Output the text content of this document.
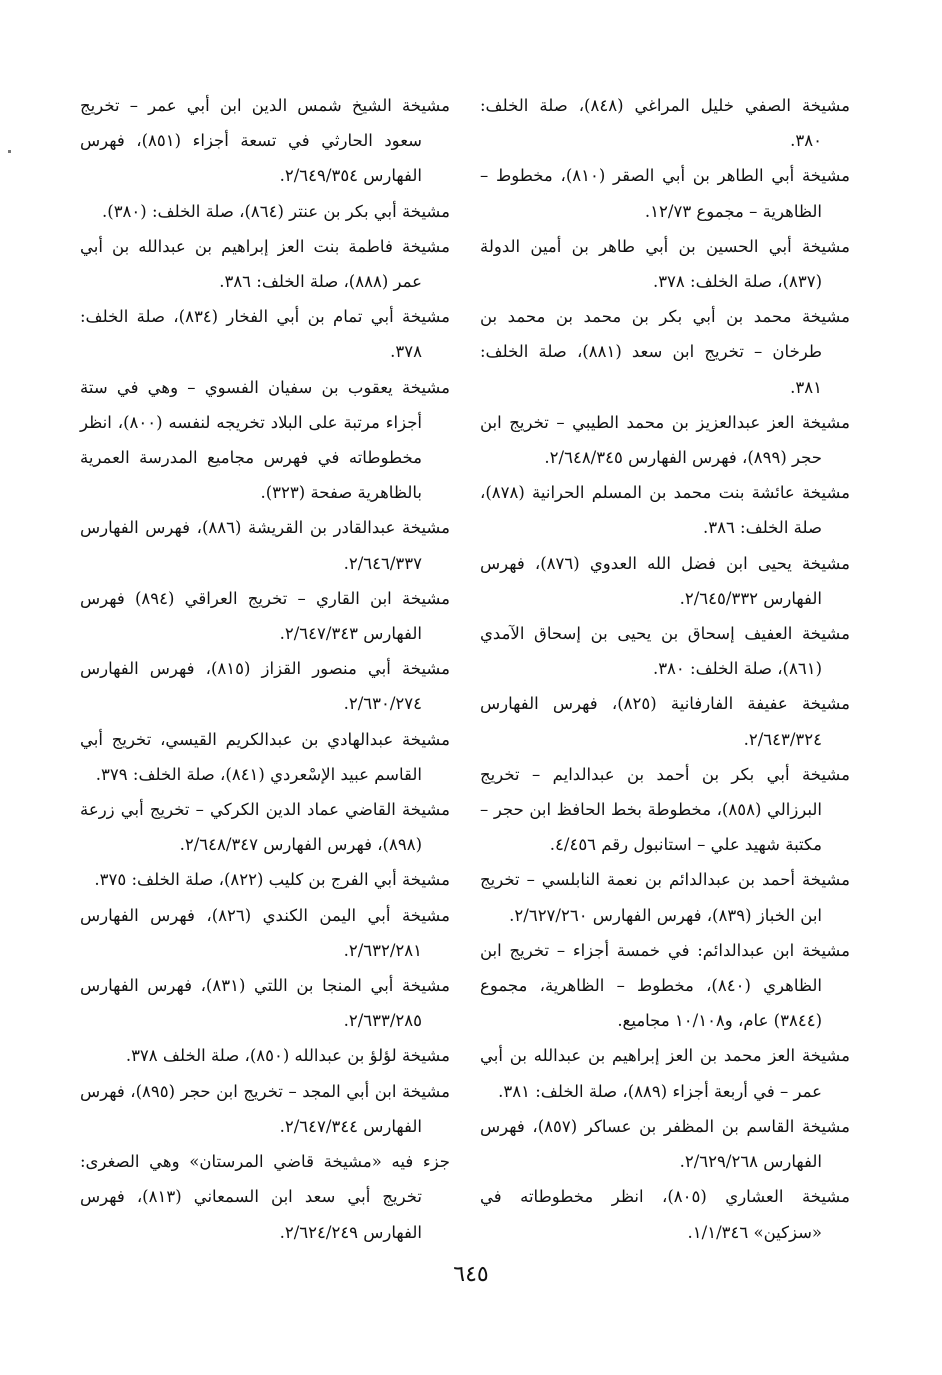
مشيخة الصفي خليل المراغي (٨٤٨)، صلة الخلف: ٣٨٠.

مشيخة أبي الطاهر بن أبي الصقر (٨١٠)، مخطوط – الظاهرية – مجموع ١٢/٧٣.

مشيخة أبي الحسين بن أبي طاهر بن أمين الدولة (٨٣٧)، صلة الخلف: ٣٧٨.

مشيخة محمد بن أبي بكر بن محمد بن محمد بن طرخان – تخريج ابن سعد (٨٨١)، صلة الخلف: ٣٨١.

مشيخة العز عبدالعزيز بن محمد الطيبي – تخريج ابن حجر (٨٩٩)، فهرس الفهارس ٢/٦٤٨/٣٤٥.

مشيخة عائشة بنت محمد بن المسلم الحرانية (٨٧٨)، صلة الخلف: ٣٨٦.

مشيخة يحيى ابن فضل الله العدوي (٨٧٦)، فهرس الفهارس ٢/٦٤٥/٣٣٢.

مشيخة العفيف إسحاق بن يحيى بن إسحاق الآمدي (٨٦١)، صلة الخلف: ٣٨٠.

مشيخة عفيفة الفارفانية (٨٢٥)، فهرس الفهارس ٢/٦٤٣/٣٢٤.

مشيخة أبي بكر بن أحمد بن عبدالدايم – تخريج البرزالي (٨٥٨)، مخطوطة بخط الحافظ ابن حجر – مكتبة شهيد علي – استانبول رقم ٤/٤٥٦.

مشيخة أحمد بن عبدالدائم بن نعمة النابلسي – تخريج ابن الخباز (٨٣٩)، فهرس الفهارس ٢/٦٢٧/٢٦٠.

مشيخة ابن عبدالدائم: في خمسة أجزاء – تخريج ابن الظاهري (٨٤٠)، مخطوط – الظاهرية، مجموع (٣٨٤٤) عام، و١٠/١٠٨ مجاميع.

مشيخة العز محمد بن العز إبراهيم بن عبدالله بن أبي عمر – في أربعة أجزاء (٨٨٩)، صلة الخلف: ٣٨١.

مشيخة القاسم بن المظفر بن عساكر (٨٥٧)، فهرس الفهارس ٢/٦٢٩/٢٦٨.

مشيخة العشاري (٨٠٥)، انظر مخطوطاته في «سزكين» ١/١/٣٤٦.

مشيخة الشيخ شمس الدين ابن أبي عمر – تخريج سعود الحارثي في تسعة أجزاء (٨٥١)، فهرس الفهارس ٢/٦٤٩/٣٥٤.

مشيخة أبي بكر بن عنتر (٨٦٤)، صلة الخلف: (٣٨٠).

مشيخة فاطمة بنت العز إبراهيم بن عبدالله بن أبي عمر (٨٨٨)، صلة الخلف: ٣٨٦.

مشيخة أبي تمام بن أبي الفخار (٨٣٤)، صلة الخلف: ٣٧٨.

مشيخة يعقوب بن سفيان الفسوي – وهي في ستة أجزاء مرتبة على البلاد تخريجه لنفسه (٨٠٠)، انظر مخطوطاته في فهرس مجاميع المدرسة العمرية بالظاهرية صفحة (٣٢٣).

مشيخة عبدالقادر بن القريشة (٨٨٦)، فهرس الفهارس ٢/٦٤٦/٣٣٧.

مشيخة ابن القاري – تخريج العراقي (٨٩٤) فهرس الفهارس ٢/٦٤٧/٣٤٣.

مشيخة أبي منصور القزاز (٨١٥)، فهرس الفهارس ٢/٦٣٠/٢٧٤.

مشيخة عبدالهادي بن عبدالكريم القيسي، تخريج أبي القاسم عبيد الإسْعردي (٨٤١)، صلة الخلف: ٣٧٩.

مشيخة القاضي عماد الدين الكركي – تخريج أبي زرعة (٨٩٨)، فهرس الفهارس ٢/٦٤٨/٣٤٧.

مشيخة أبي الفرج بن كليب (٨٢٢)، صلة الخلف: ٣٧٥.

مشيخة أبي اليمن الكندي (٨٢٦)، فهرس الفهارس ٢/٦٣٢/٢٨١.

مشيخة أبي المنجا بن اللتي (٨٣١)، فهرس الفهارس ٢/٦٣٣/٢٨٥.

مشيخة لؤلؤ بن عبدالله (٨٥٠)، صلة الخلف ٣٧٨.

مشيخة ابن أبي المجد – تخريج ابن حجر (٨٩٥)، فهرس الفهارس ٢/٦٤٧/٣٤٤.

جزء فيه «مشيخة قاضي المرستان» وهي الصغرى: تخريج أبي سعد ابن السمعاني (٨١٣)، فهرس الفهارس ٢/٦٢٤/٢٤٩.

٦٤٥
